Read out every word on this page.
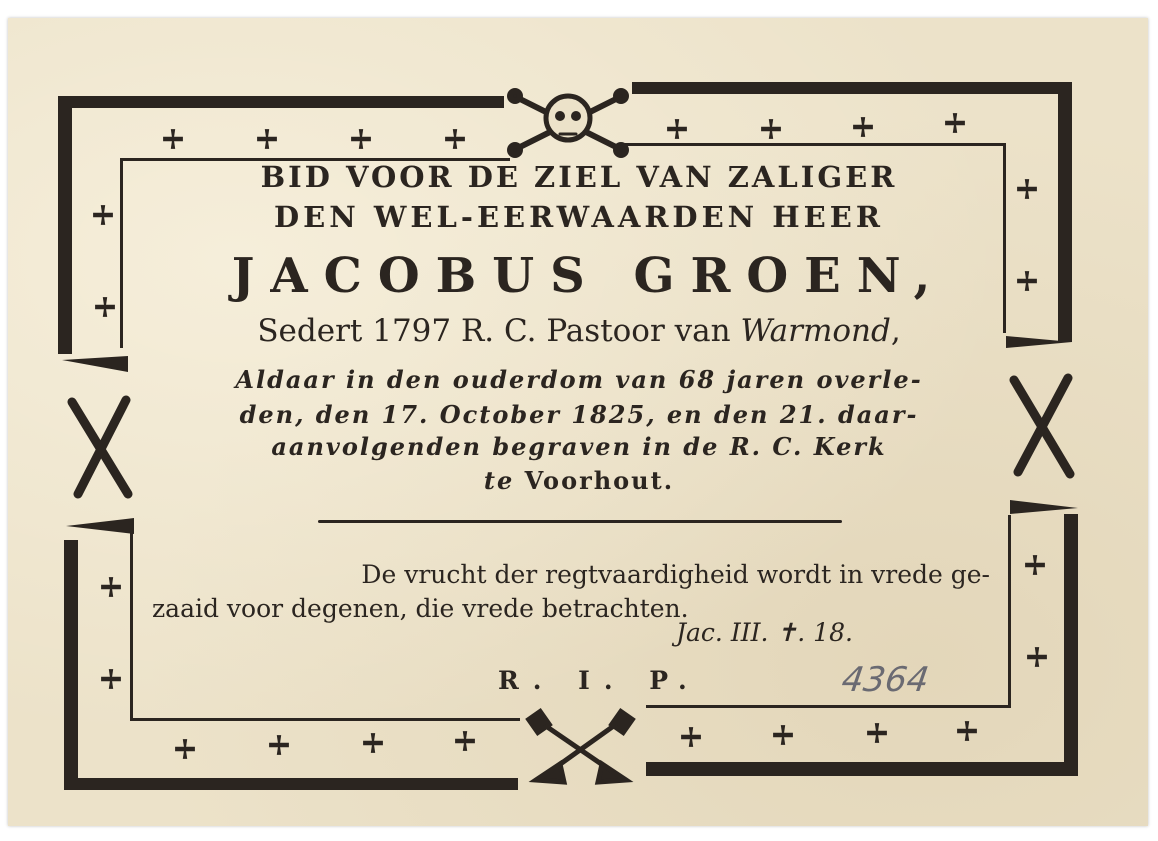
BID VOOR DE ZIEL VAN ZALIGER

DEN WEL-EERWAARDEN HEER

JACOBUS GROEN,

Sedert 1797 R. C. Pastoor van Warmond,

Aldaar in den ouderdom van 68 jaren overle-

den, den 17. October 1825, en den 21. daar-

aanvolgenden begraven in de R. C. Kerk

te Voorhout.

De vrucht der regtvaardigheid wordt in vrede ge-

zaaid voor degenen, die vrede betrachten.

Jac. III. ✝. 18.
R. I. P.	4364
